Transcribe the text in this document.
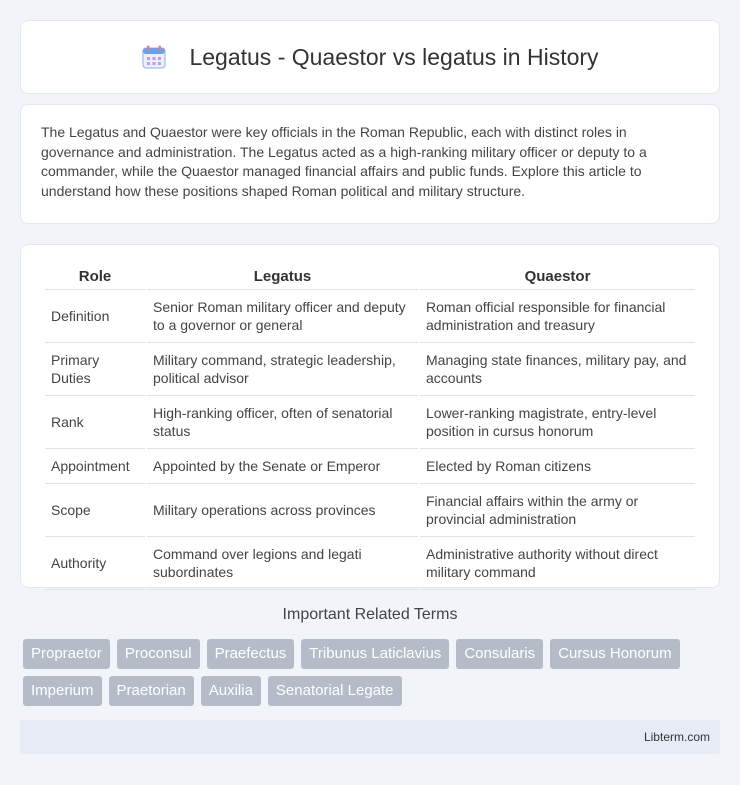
Legatus - Quaestor vs legatus in History

The Legatus and Quaestor were key officials in the Roman Republic, each with distinct roles in governance and administration. The Legatus acted as a high-ranking military officer or deputy to a commander, while the Quaestor managed financial affairs and public funds. Explore this article to understand how these positions shaped Roman political and military structure.

Role	Legatus	Quaestor
Definition	Senior Roman military officer and deputy to a governor or general	Roman official responsible for financial administration and treasury
Primary Duties	Military command, strategic leadership, political advisor	Managing state finances, military pay, and accounts
Rank	High-ranking officer, often of senatorial status	Lower-ranking magistrate, entry-level position in cursus honorum
Appointment	Appointed by the Senate or Emperor	Elected by Roman citizens
Scope	Military operations across provinces	Financial affairs within the army or provincial administration
Authority	Command over legions and legati subordinates	Administrative authority without direct military command
Important Related Terms
Propraetor	Proconsul	Praefectus	Tribunus Laticlavius	Consularis	Cursus Honorum
Imperium	Praetorian	Auxilia	Senatorial Legate
Libterm.com
